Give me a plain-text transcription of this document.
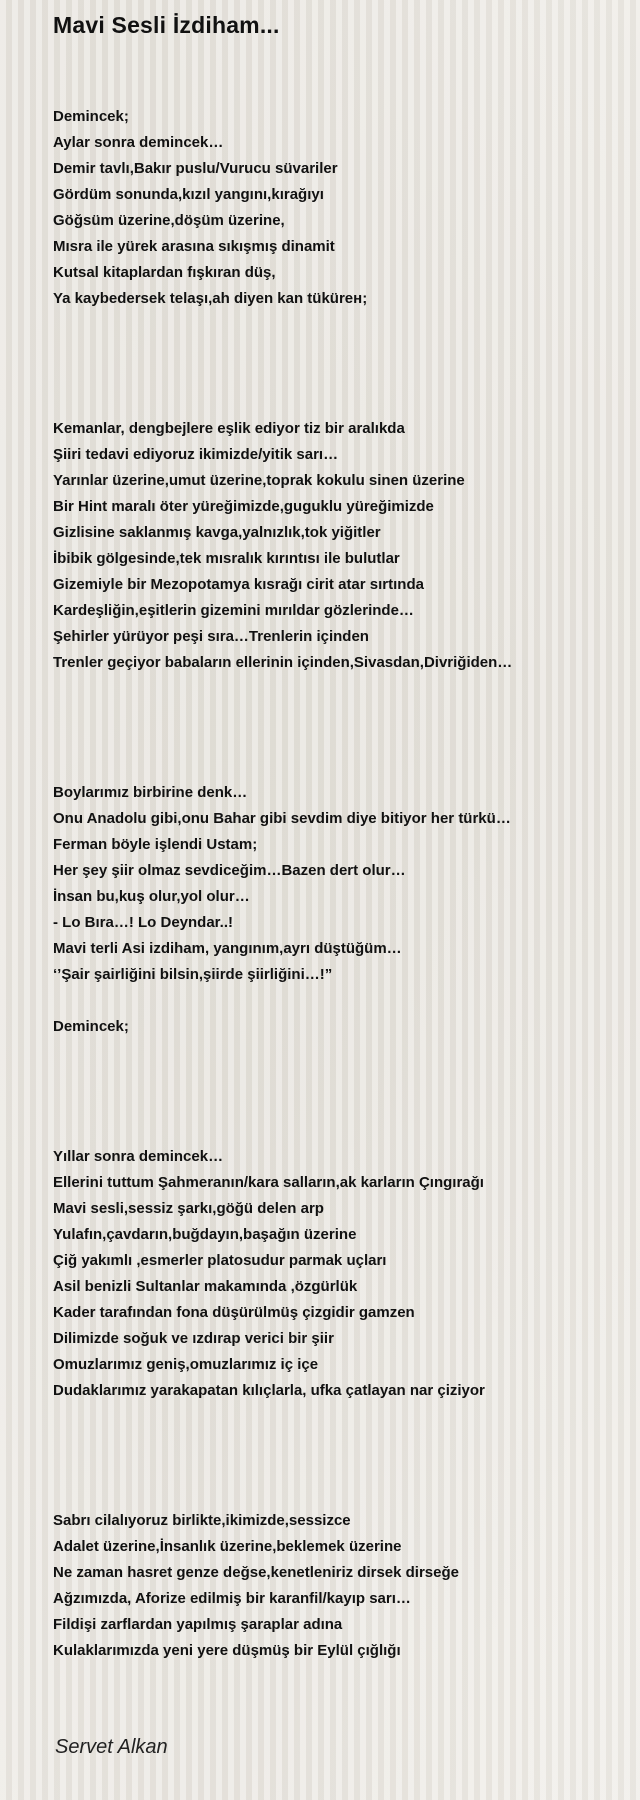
Mavi Sesli İzdiham...
Demincek;
Aylar sonra demincek…
Demir tavlı,Bakır puslu/Vurucu süvariler
Gördüm sonunda,kızıl yangını,kırağıyı
Göğsüm üzerine,döşüm üzerine,
Mısra ile yürek arasına sıkışmış dinamit
Kutsal kitaplardan fışkıran düş,
Ya kaybedersek telaşı,ah diyen kan tükürен;
Kemanlar, dengbejlere eşlik ediyor tiz bir aralıkda
Şiiri tedavi ediyoruz ikimizde/yitik sarı…
Yarınlar üzerine,umut üzerine,toprak kokulu sinen üzerine
Bir Hint maralı öter yüreğimizde,guguklu yüreğimizde
Gizlisine saklanmış kavga,yalnızlık,tok yiğitler
İbibik gölgesinde,tek mısralık kırıntısı ile bulutlar
Gizemiyle bir Mezopotamya kısrağı cirit atar sırtında
Kardeşliğin,eşitlerin gizemini mırıldar gözlerinde…
Şehirler yürüyor peşi sıra…Trenlerin içinden
Trenler geçiyor babaların ellerinin içinden,Sivasdan,Divriğiden…
Boylarımız birbirine denk…
Onu Anadolu gibi,onu Bahar gibi sevdim diye bitiyor her türkü…
Ferman böyle işlendi Ustam;
Her şey şiir olmaz sevdiceğim…Bazen dert olur…
İnsan bu,kuş olur,yol olur…
- Lo Bıra…! Lo Deyndar..!
Mavi terli Asi izdiham, yangınım,ayrı düştüğüm…
‘’Şair şairliğini bilsin,şiirde şiirliğini…!”
Demincek;
Yıllar sonra demincek…
Ellerini tuttum Şahmeranın/kara salların,ak karların Çıngırağı
Mavi sesli,sessiz şarkı,göğü delen arp
Yulafın,çavdarın,buğdayın,başağın üzerine
Çiğ yakımlı ,esmerler platosudur parmak uçları
Asil benizli Sultanlar makamında ,özgürlük
Kader tarafından fona düşürülmüş çizgidir gamzen
Dilimizde soğuk ve ızdırap verici bir şiir
Omuzlarımız geniş,omuzlarımız iç içe
Dudaklarımız yarakapatan kılıçlarla, ufka çatlayan nar çiziyor
Sabrı cilalıyoruz birlikte,ikimizde,sessizce
Adalet üzerine,İnsanlık üzerine,beklemek üzerine
Ne zaman hasret genze değse,kenetleniriz dirsek dirseğe
Ağzımızda, Aforize edilmiş bir karanfil/kayıp sarı…
Fildişi zarflardan yapılmış şaraplar adına
Kulaklarımızda yeni yere düşmüş bir Eylül çığlığı
Servet Alkan
